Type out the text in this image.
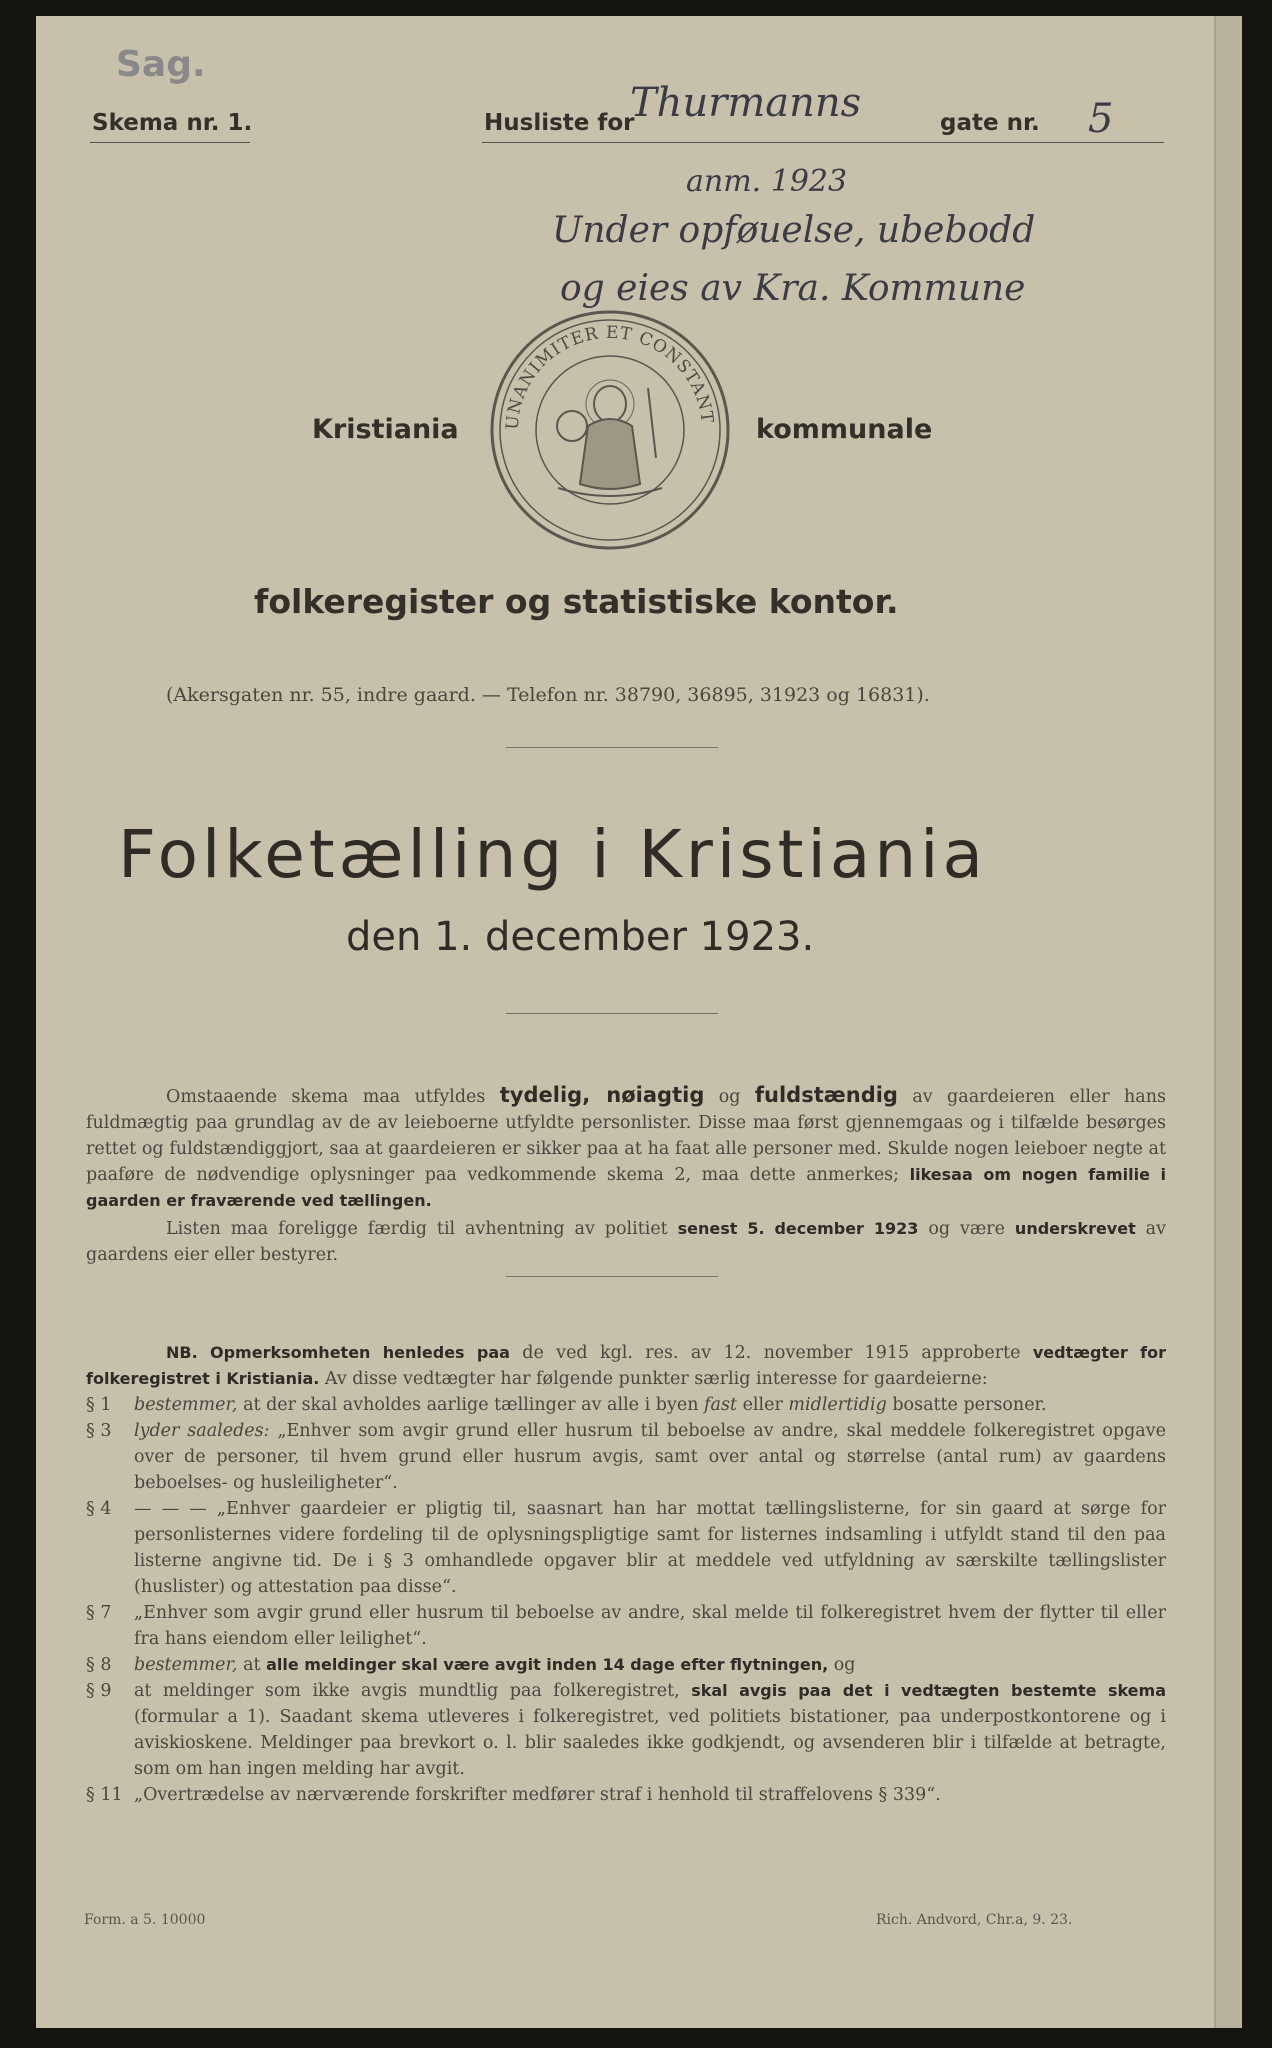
Sag.
Skema nr. 1.	Husliste for
Thurmanns	gate nr. 5
anm. 1923
Under opføuelse, ubebodd
og eies av Kra. Kommune
UNANIMITER ET CONSTANT
Kristiania	kommunale
folkeregister og statistiske kontor.
(Akersgaten nr. 55, indre gaard. — Telefon nr. 38790, 36895, 31923 og 16831).
Folketælling i Kristiania
den 1. december 1923.
Omstaaende skema maa utfyldes tydelig, nøiagtig og fuldstændig av gaardeieren eller hans fuldmægtig paa grundlag av de av leieboerne utfyldte personlister. Disse maa først gjennemgaas og i tilfælde besørges rettet og fuldstændiggjort, saa at gaardeieren er sikker paa at ha faat alle personer med. Skulde nogen leieboer negte at paaføre de nødvendige oplysninger paa vedkommende skema 2, maa dette anmerkes; likesaa om nogen familie i gaarden er fraværende ved tællingen.
Listen maa foreligge færdig til avhentning av politiet senest 5. december 1923 og være underskrevet av gaardens eier eller bestyrer.
NB. Opmerksomheten henledes paa de ved kgl. res. av 12. november 1915 approberte vedtægter for folkeregistret i Kristiania. Av disse vedtægter har følgende punkter særlig interesse for gaardeierne:
§ 1	bestemmer, at der skal avholdes aarlige tællinger av alle i byen fast eller midlertidig bosatte personer.
§ 3	lyder saaledes: „Enhver som avgir grund eller husrum til beboelse av andre, skal meddele folkeregistret opgave over de personer, til hvem grund eller husrum avgis, samt over antal og størrelse (antal rum) av gaardens beboelses- og husleiligheter“.
§ 4	— — — „Enhver gaardeier er pligtig til, saasnart han har mottat tællingslisterne, for sin gaard at sørge for personlisternes videre fordeling til de oplysningspligtige samt for listernes indsamling i utfyldt stand til den paa listerne angivne tid. De i § 3 omhandlede opgaver blir at meddele ved utfyldning av særskilte tællingslister (huslister) og attestation paa disse“.
§ 7	„Enhver som avgir grund eller husrum til beboelse av andre, skal melde til folkeregistret hvem der flytter til eller fra hans eiendom eller leilighet“.
§ 8	bestemmer, at alle meldinger skal være avgit inden 14 dage efter flytningen, og
§ 9	at meldinger som ikke avgis mundtlig paa folkeregistret, skal avgis paa det i vedtægten bestemte skema (formular a 1). Saadant skema utleveres i folkeregistret, ved politiets bistationer, paa underpostkontorene og i aviskioskene. Meldinger paa brevkort o. l. blir saaledes ikke godkjendt, og avsenderen blir i tilfælde at betragte, som om han ingen melding har avgit.
§ 11 „Overtrædelse av nærværende forskrifter medfører straf i henhold til straffelovens § 339“.
Form. a 5. 10000	Rich. Andvord, Chr.a, 9. 23.
